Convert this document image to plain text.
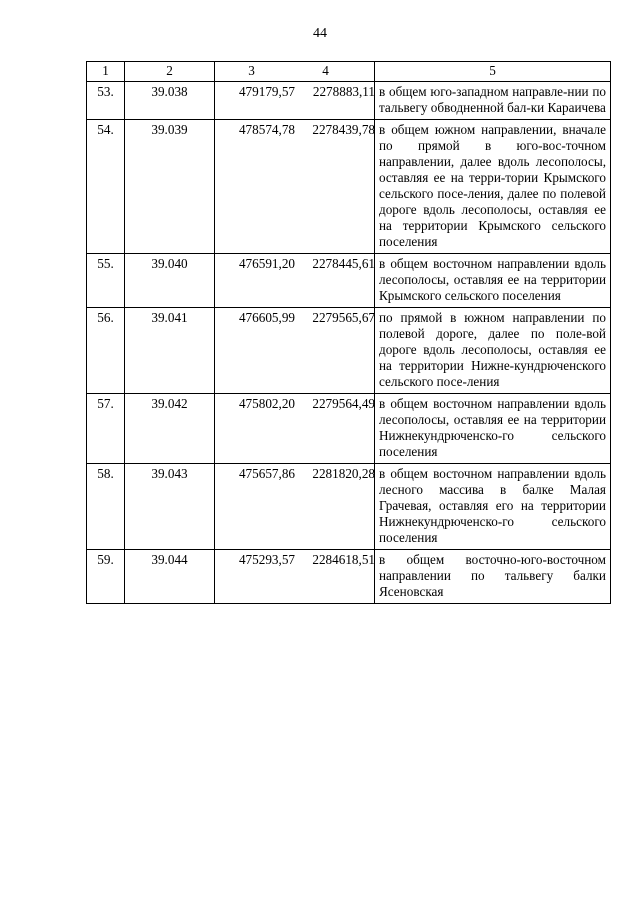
44
1	2	3 4	5
53.	39.038	479179,57 2278883,11	в общем юго-западном направле-нии по тальвегу обводненной бал-ки Караичева
54.	39.039	478574,78 2278439,78	в общем южном направлении, вначале по прямой в юго-вос-точном направлении, далее вдоль лесополосы, оставляя ее на терри-тории Крымского сельского посе-ления, далее по полевой дороге вдоль лесополосы, оставляя ее на территории Крымского сельского поселения
55.	39.040	476591,20 2278445,61	в общем восточном направлении вдоль лесополосы, оставляя ее на территории Крымского сельского поселения
56.	39.041	476605,99 2279565,67	по прямой в южном направлении по полевой дороге, далее по поле-вой дороге вдоль лесополосы, оставляя ее на территории Нижне-кундрюченского сельского посе-ления
57.	39.042	475802,20 2279564,49	в общем восточном направлении вдоль лесополосы, оставляя ее на территории Нижнекундрюченско-го сельского поселения
58.	39.043	475657,86 2281820,28	в общем восточном направлении вдоль лесного массива в балке Малая Грачевая, оставляя его на территории Нижнекундрюченско-го сельского поселения
59.	39.044	475293,57 2284618,51	в общем восточно-юго-восточном направлении по тальвегу балки Ясеновская
